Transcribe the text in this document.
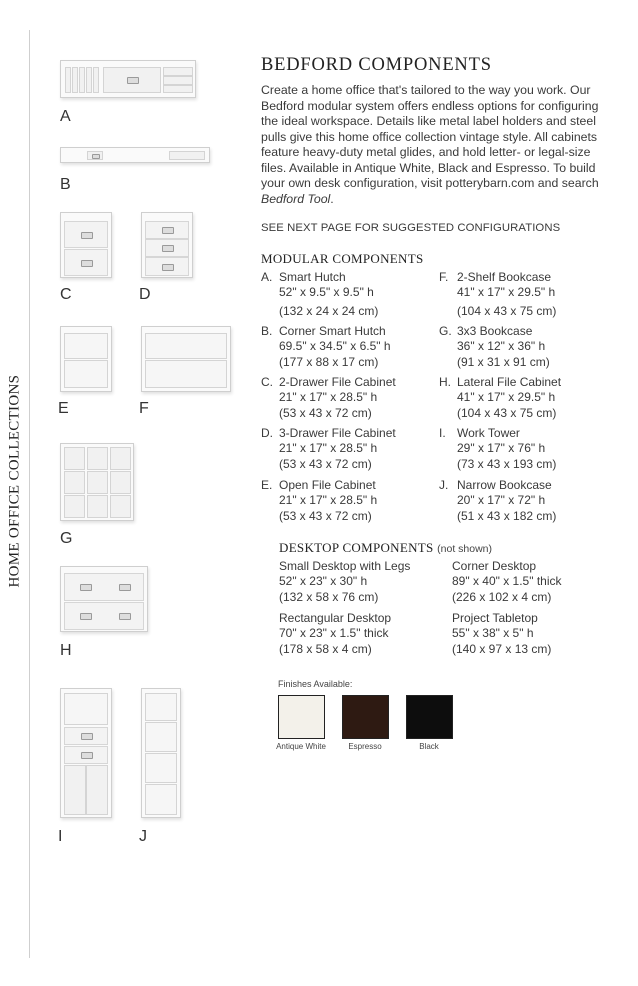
HOME OFFICE COLLECTIONS
A
B
C	D
E	F
G
H
I	J
BEDFORD COMPONENTS
Create a home office that's tailored to the way you work. Our Bedford modular system offers endless options for configuring the ideal workspace. Details like metal label holders and steel pulls give this home office collection vintage style. All cabinets feature heavy-duty metal glides, and hold letter- or legal-size files. Available in Antique White, Black and Espresso. To build your own desk configuration, visit potterybarn.com and search Bedford Tool.
SEE NEXT PAGE FOR SUGGESTED CONFIGURATIONS
MODULAR COMPONENTS
A. Smart Hutch
52" x 9.5" x 9.5" h
(132 x 24 x 24 cm)
B. Corner Smart Hutch
69.5" x 34.5" x 6.5" h
(177 x 88 x 17 cm)
C. 2-Drawer File Cabinet
21" x 17" x 28.5" h
(53 x 43 x 72 cm)
D. 3-Drawer File Cabinet
21" x 17" x 28.5" h
(53 x 43 x 72 cm)
E. Open File Cabinet
21" x 17" x 28.5" h
(53 x 43 x 72 cm)
F. 2-Shelf Bookcase
41" x 17" x 29.5" h
(104 x 43 x 75 cm)
G. 3x3 Bookcase
36" x 12" x 36" h
(91 x 31 x 91 cm)
H. Lateral File Cabinet
41" x 17" x 29.5" h
(104 x 43 x 75 cm)
I. Work Tower
29" x 17" x 76" h
(73 x 43 x 193 cm)
J. Narrow Bookcase
20" x 17" x 72" h
(51 x 43 x 182 cm)
DESKTOP COMPONENTS (not shown)
Small Desktop with Legs
52" x 23" x 30" h
(132 x 58 x 76 cm)
Corner Desktop
89" x 40" x 1.5" thick
(226 x 102 x 4 cm)
Rectangular Desktop
70" x 23" x 1.5" thick
(178 x 58 x 4 cm)
Project Tabletop
55" x 38" x 5" h
(140 x 97 x 13 cm)
Finishes Available:
Antique White	Espresso	Black
